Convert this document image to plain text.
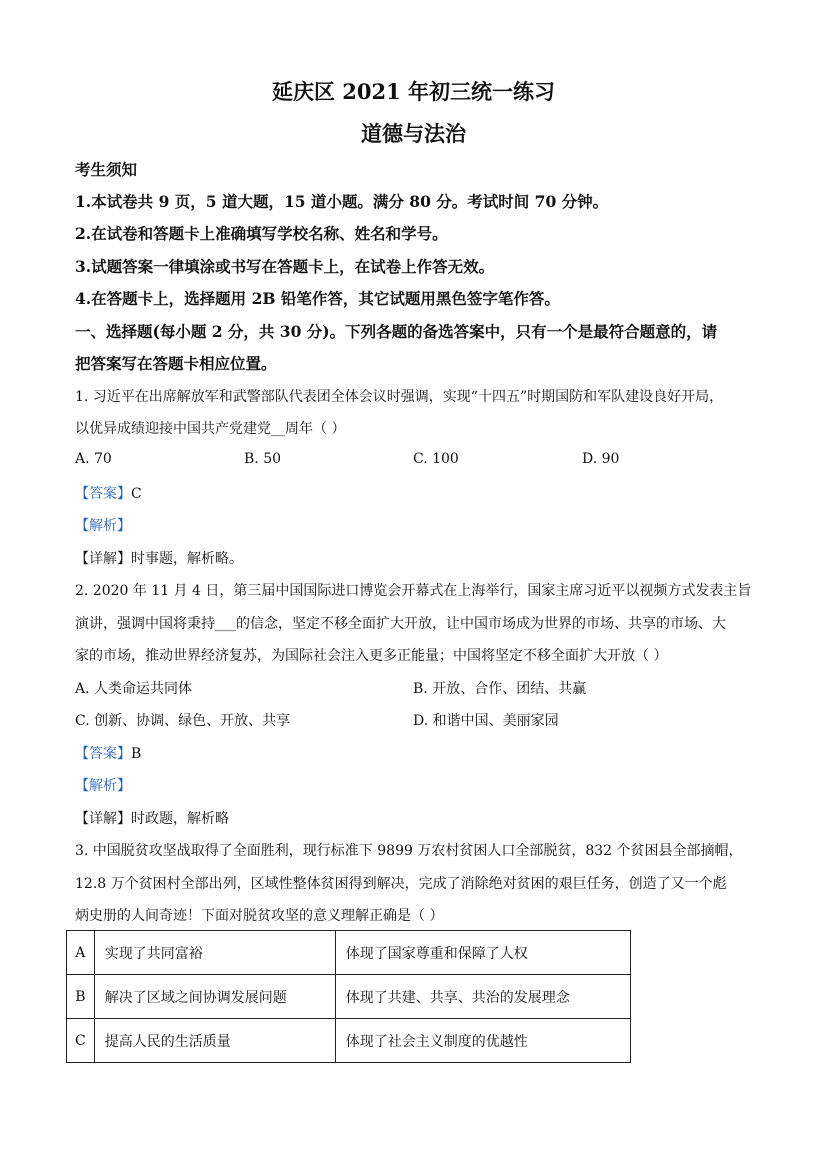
延庆区 2021 年初三统一练习
道德与法治
考生须知
1.本试卷共 9 页，5 道大题，15 道小题。满分 80 分。考试时间 70 分钟。
2.在试卷和答题卡上准确填写学校名称、姓名和学号。
3.试题答案一律填涂或书写在答题卡上，在试卷上作答无效。
4.在答题卡上，选择题用 2B 铅笔作答，其它试题用黑色签字笔作答。
一、选择题(每小题 2 分，共 30 分)。下列各题的备选答案中，只有一个是最符合题意的，请
把答案写在答题卡相应位置。
1. 习近平在出席解放军和武警部队代表团全体会议时强调，实现“十四五”时期国防和军队建设良好开局，
以优异成绩迎接中国共产党建党__周年（ ）
A. 70	B. 50	C. 100	D. 90
【答案】C
【解析】
【详解】时事题，解析略。
2. 2020 年 11 月 4 日，第三届中国国际进口博览会开幕式在上海举行，国家主席习近平以视频方式发表主旨
演讲，强调中国将秉持___的信念，坚定不移全面扩大开放，让中国市场成为世界的市场、共享的市场、大
家的市场，推动世界经济复苏，为国际社会注入更多正能量；中国将坚定不移全面扩大开放（ ）
A. 人类命运共同体	B. 开放、合作、团结、共赢
C. 创新、协调、绿色、开放、共享	D. 和谐中国、美丽家园
【答案】B
【解析】
【详解】时政题，解析略
3. 中国脱贫攻坚战取得了全面胜利，现行标准下 9899 万农村贫困人口全部脱贫，832 个贫困县全部摘帽，
12.8 万个贫困村全部出列，区域性整体贫困得到解决，完成了消除绝对贫困的艰巨任务，创造了又一个彪
炳史册的人间奇迹！下面对脱贫攻坚的意义理解正确是（ ）
A	实现了共同富裕	体现了国家尊重和保障了人权
B	解决了区域之间协调发展问题	体现了共建、共享、共治的发展理念
C	提高人民的生活质量	体现了社会主义制度的优越性
